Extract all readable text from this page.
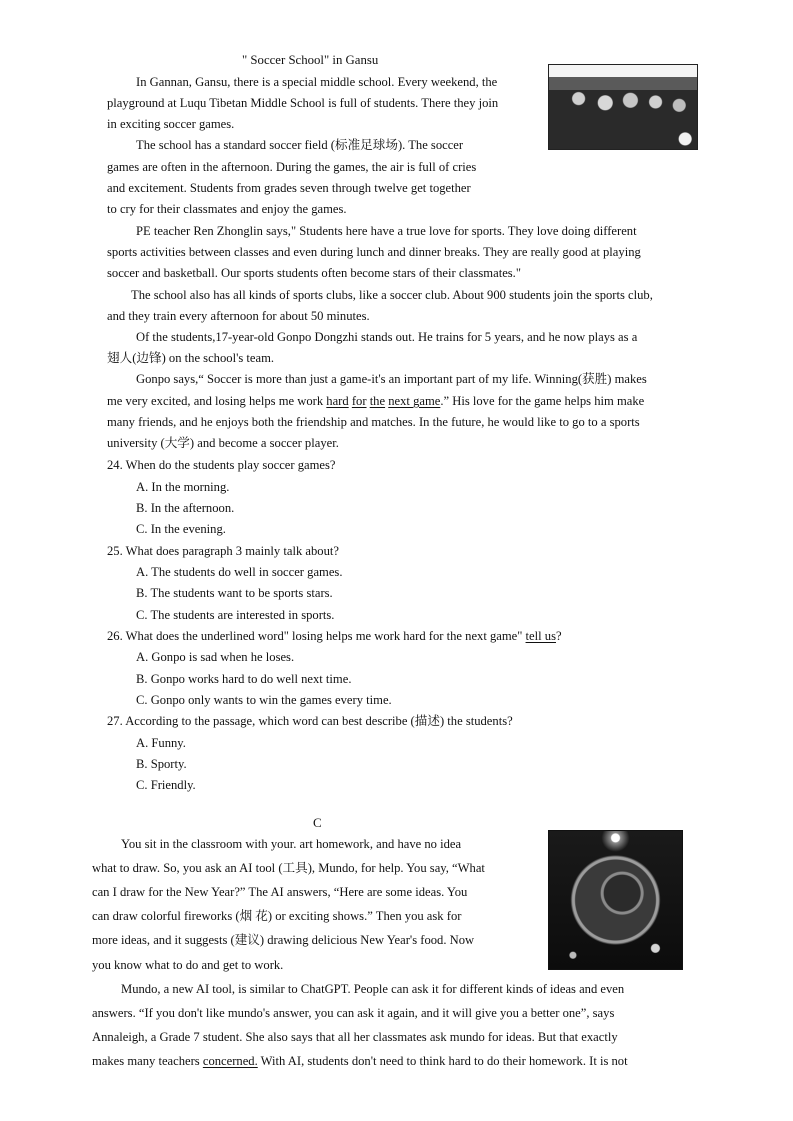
" Soccer School" in Gansu
In Gannan, Gansu, there is a special middle school. Every weekend, the
playground at Luqu Tibetan Middle School is full of students. There they join
in exciting soccer games.
The school has a standard soccer field (标准足球场). The soccer
games are often in the afternoon. During the games, the air is full of cries
and excitement. Students from grades seven through twelve get together
to cry for their classmates and enjoy the games.
PE teacher Ren Zhonglin says," Students here have a true love for sports. They love doing different
sports activities between classes and even during lunch and dinner breaks. They are really good at playing
soccer and basketball. Our sports students often become stars of their classmates."
The school also has all kinds of sports clubs, like a soccer club. About 900 students join the sports club,
and they train every afternoon for about 50 minutes.
Of the students,17-year-old Gonpo Dongzhi stands out. He trains for 5 years, and he now plays as a
翅人(边锋) on the school's team.
Gonpo says,“ Soccer is more than just a game-it's an important part of my life. Winning(获胜) makes
me very excited, and losing helps me work hard for the next game.” His love for the game helps him make
many friends, and he enjoys both the friendship and matches. In the future, he would like to go to a sports
university (大学) and become a soccer player.
24. When do the students play soccer games?
A. In the morning.
B. In the afternoon.
C. In the evening.
25. What does paragraph 3 mainly talk about?
A. The students do well in soccer games.
B. The students want to be sports stars.
C. The students are interested in sports.
26. What does the underlined word" losing helps me work hard for the next game" tell us?
A. Gonpo is sad when he loses.
B. Gonpo works hard to do well next time.
C. Gonpo only wants to win the games every time.
27. According to the passage, which word can best describe (描述) the students?
A. Funny.
B. Sporty.
C. Friendly.
C
You sit in the classroom with your. art homework, and have no idea
what to draw. So, you ask an AI tool (工具), Mundo, for help. You say, “What
can I draw for the New Year?” The AI answers, “Here are some ideas. You
can draw colorful fireworks (烟 花) or exciting shows.” Then you ask for
more ideas, and it suggests (建议) drawing delicious New Year's food. Now
you know what to do and get to work.
Mundo, a new AI tool, is similar to ChatGPT. People can ask it for different kinds of ideas and even
answers. “If you don't like mundo's answer, you can ask it again, and it will give you a better one”, says
Annaleigh, a Grade 7 student. She also says that all her classmates ask mundo for ideas. But that exactly
makes many teachers concerned. With AI, students don't need to think hard to do their homework. It is not
